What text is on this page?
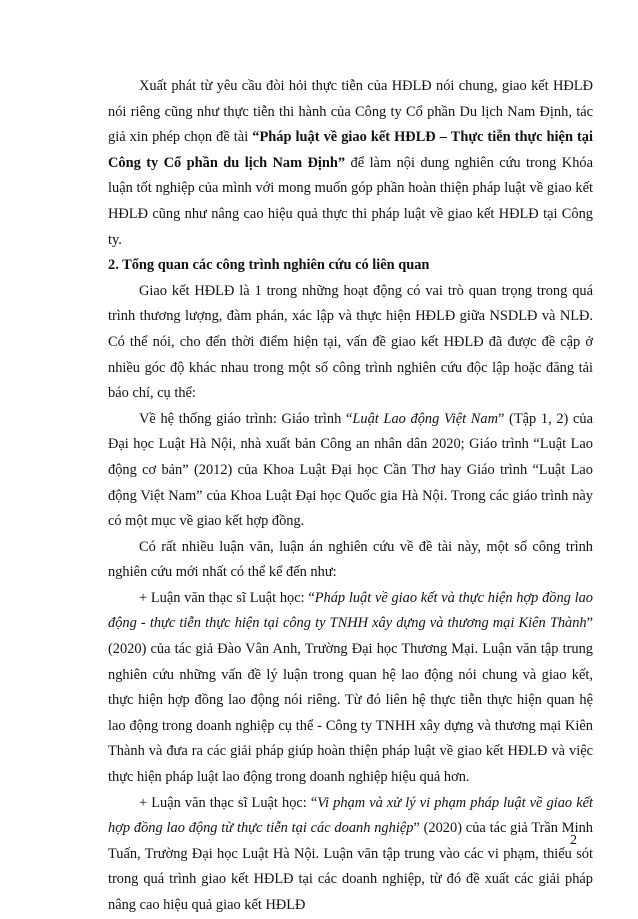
Xuất phát từ yêu cầu đòi hỏi thực tiễn của HĐLĐ nói chung, giao kết HĐLĐ nói riêng cũng như thực tiễn thi hành của Công ty Cổ phần Du lịch Nam Định, tác giả xin phép chọn đề tài “Pháp luật về giao kết HĐLĐ – Thực tiễn thực hiện tại Công ty Cổ phần du lịch Nam Định” để làm nội dung nghiên cứu trong Khóa luận tốt nghiệp của mình với mong muốn góp phần hoàn thiện pháp luật về giao kết HĐLĐ cũng như nâng cao hiệu quả thực thi pháp luật về giao kết HĐLĐ tại Công ty.

2. Tổng quan các công trình nghiên cứu có liên quan

Giao kết HĐLĐ là 1 trong những hoạt động có vai trò quan trọng trong quá trình thương lượng, đàm phán, xác lập và thực hiện HĐLĐ giữa NSDLĐ và NLĐ. Có thể nói, cho đến thời điểm hiện tại, vấn đề giao kết HĐLĐ đã được đề cập ở nhiều góc độ khác nhau trong một số công trình nghiên cứu độc lập hoặc đăng tải báo chí, cụ thể:

Về hệ thống giáo trình: Giáo trình “Luật Lao động Việt Nam” (Tập 1, 2) của Đại học Luật Hà Nội, nhà xuất bản Công an nhân dân 2020; Giáo trình “Luật Lao động cơ bản” (2012) của Khoa Luật Đại học Cần Thơ hay Giáo trình “Luật Lao động Việt Nam” của Khoa Luật Đại học Quốc gia Hà Nội. Trong các giáo trình này có một mục về giao kết hợp đồng.

Có rất nhiều luận văn, luận án nghiên cứu về đề tài này, một số công trình nghiên cứu mới nhất có thể kể đến như:

+ Luận văn thạc sĩ Luật học: “Pháp luật về giao kết và thực hiện hợp đồng lao động - thực tiễn thực hiện tại công ty TNHH xây dựng và thương mại Kiên Thành” (2020) của tác giả Đào Vân Anh, Trường Đại học Thương Mại. Luận văn tập trung nghiên cứu những vấn đề lý luận trong quan hệ lao động nói chung và giao kết, thực hiện hợp đồng lao động nói riêng. Từ đó liên hệ thực tiễn thực hiện quan hệ lao động trong doanh nghiệp cụ thể - Công ty TNHH xây dựng và thương mại Kiên Thành và đưa ra các giải pháp giúp hoàn thiện pháp luật về giao kết HĐLĐ và việc thực hiện pháp luật lao động trong doanh nghiệp hiệu quả hơn.

+ Luận văn thạc sĩ Luật học: “Vi phạm và xử lý vi phạm pháp luật về giao kết hợp đồng lao động từ thực tiễn tại các doanh nghiệp” (2020) của tác giả Trần Minh Tuấn, Trường Đại học Luật Hà Nội. Luận văn tập trung vào các vi phạm, thiếu sót trong quá trình giao kết HĐLĐ tại các doanh nghiệp, từ đó đề xuất các giải pháp nâng cao hiệu quả giao kết HĐLĐ

2
